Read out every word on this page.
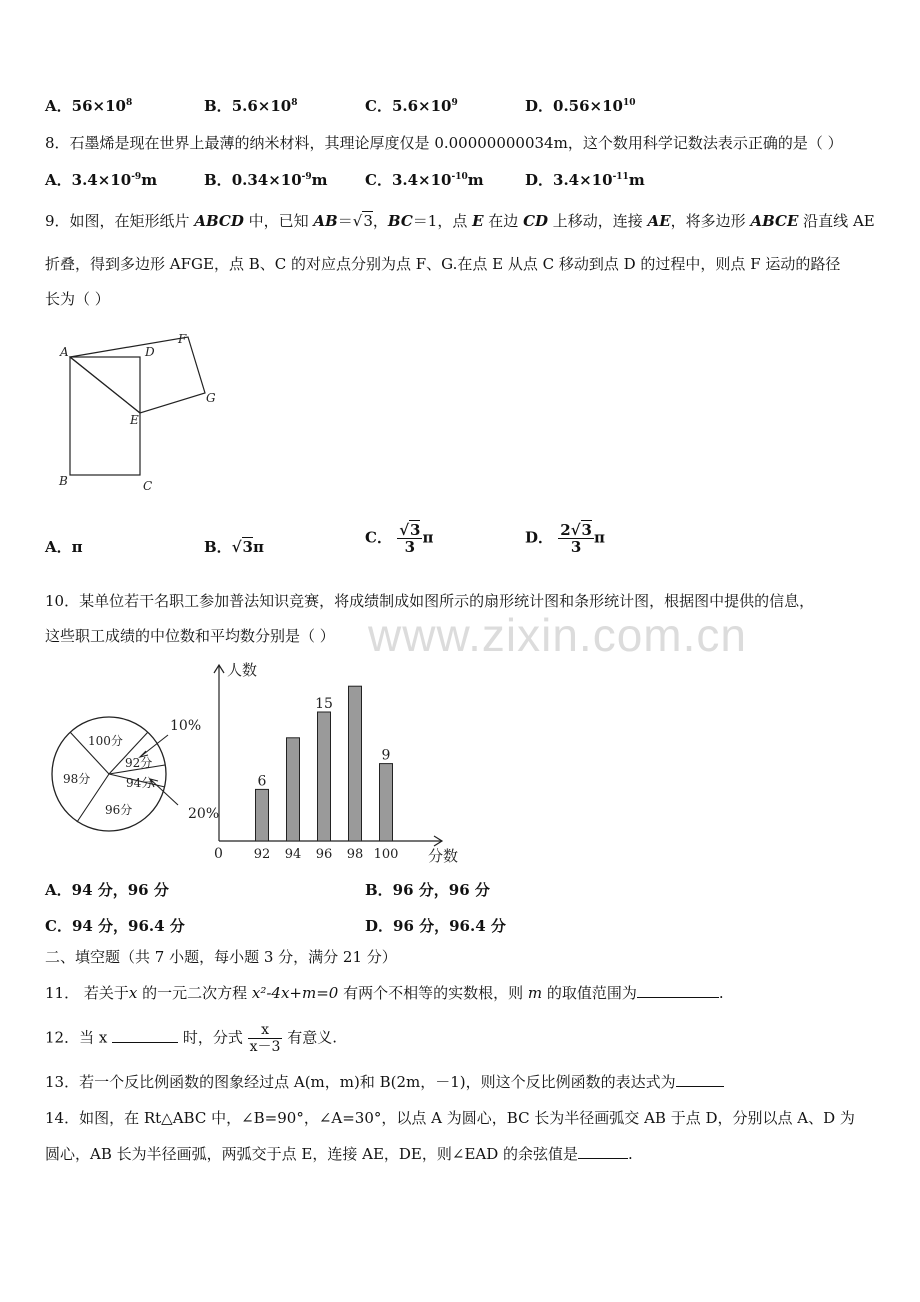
A．$56\times 10^8$	B．$5.6\times 10^8$	C．$5.6\times 10^9$	D．$0.56\times 10^{10}$
8．石墨烯是现在世界上最薄的纳米材料，其理论厚度仅是 0.00000000034m，这个数用科学记数法表示正确的是（ ）
A．$3.4\times 10^{-9}m$	B．$0.34\times 10^{-9}m$ C．$3.4\times 10^{-10}m$	D．$3.4\times 10^{-11}m$
9．如图，在矩形纸片 ABCD 中，已知 AB＝√3，BC＝1，点 E 在边 CD 上移动，连接 AE，将多边形 ABCE 沿直线 AE
折叠，得到多边形 AFGE，点 B、C 的对应点分别为点 F、G.在点 E 从点 C 移动到点 D 的过程中，则点 F 运动的路径
长为（ ）
A	D
F
G
E
B	C
A．π	B．√3π
C． $\frac{√3}{3}$ π	D． $\frac{2√3}{3}$ π
10．某单位若干名职工参加普法知识竞赛，将成绩制成如图所示的扇形统计图和条形统计图，根据图中提供的信息，
这些职工成绩的中位数和平均数分别是（ ） www.zixin.com.cn
100分
92分
94分
96分
98分
10%
20%
人数
分数
0 92
6
94 96
15
98 100
9
A．94 分，96 分	B．96 分，96 分
C．94 分，96.4 分	D．96 分，96.4 分
二、填空题（共 7 小题，每小题 3 分，满分 21 分）
11． 若关于x 的一元二次方程 x²-4x+m=0 有两个不相等的实数根，则 m 的取值范围为	.
12．当 x	时，分式 $\frac{x}{x-3}$ 有意义.
13．若一个反比例函数的图象经过点 A(m，m)和 B(2m，－1)，则这个反比例函数的表达式为
14．如图，在 Rt△ABC 中，∠B=90°，∠A=30°，以点 A 为圆心，BC 长为半径画弧交 AB 于点 D，分别以点 A、D 为
圆心，AB 长为半径画弧，两弧交于点 E，连接 AE，DE，则∠EAD 的余弦值是	.
